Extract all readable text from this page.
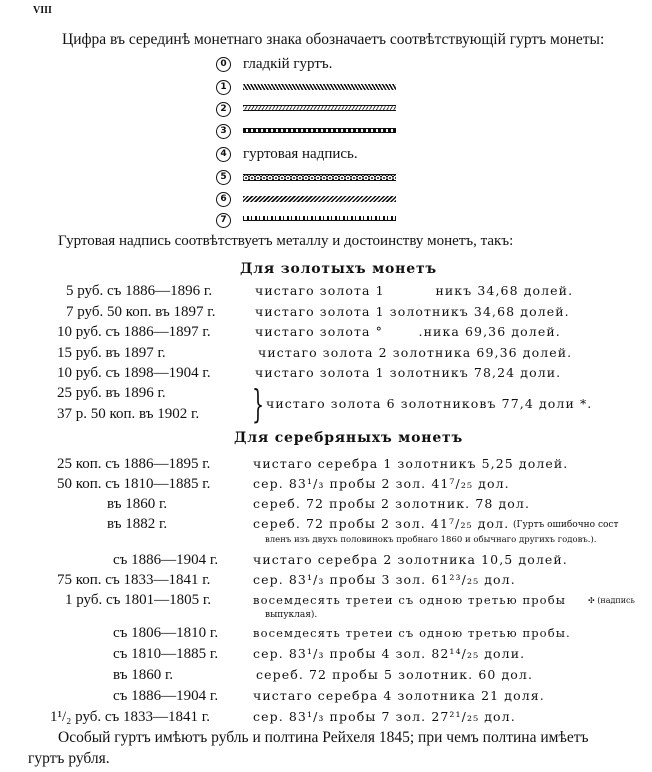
VIII
Цифра въ серединѣ монетнаго знака обозначаетъ соотвѣтствующій гуртъ монеты:
0 гладкій гуртъ.
1
2
3
4 гуртовая надпись.
5
6
7
Гуртовая надпись соотвѣтствуетъ металлу и достоинству монетъ, такъ:
Для золотыхъ монетъ
5 руб. съ 1886—1896 г.	чистаго золота 1          никъ 34,68 долей.
7 руб. 50 коп. въ 1897 г.	чистаго золота 1 золотникъ 34,68 долей.
10 руб. съ 1886—1897 г.	чистаго золота °       .ника 69,36 долей.
15 руб. въ 1897 г.	чистаго золота 2 золотника 69,36 долей.
10 руб. съ 1898—1904 г.	чистаго золота 1 золотникъ 78,24 доли.
25 руб. въ 1896 г.
37 р. 50 коп. въ 1902 г. } чистаго золота 6 золотниковъ 77,4 доли *.
Для серебряныхъ монетъ
25 коп. съ 1886—1895 г.	чистаго серебра 1 золотникъ 5,25 долей.
50 коп. съ 1810—1885 г.	сер. 83¹/₃ пробы 2 зол. 41⁷/₂₅ дол.
въ 1860 г.	сереб. 72 пробы 2 золотник. 78 дол.
въ 1882 г.	сереб. 72 пробы 2 зол. 41⁷/₂₅ дол. (Гуртъ ошибочно сост
вленъ изъ двухъ половинокъ пробнаго 1860 и обычнаго другихъ годовъ.).
съ 1886—1904 г.	чистаго серебра 2 золотника 10,5 долей.
75 коп. съ 1833—1841 г.	сер. 83¹/₃ пробы 3 зол. 61²³/₂₅ дол.
1 руб. съ 1801—1805 г.	восемдесять третеи съ одною третью пробы	✣ (надпись
выпуклая).
съ 1806—1810 г.	восемдесять третеи съ одною третью пробы.
съ 1810—1885 г.	сер. 83¹/₃ пробы 4 зол. 82¹⁴/₂₅ доли.
въ 1860 г.	сереб. 72 пробы 5 золотник. 60 дол.
съ 1886—1904 г.	чистаго серебра 4 золотника 21 доля.
1¹/₂ руб. съ 1833—1841 г.	сер. 83¹/₃ пробы 7 зол. 27²¹/₂₅ дол.
Особый гуртъ имѣютъ рубль и полтина Рейхеля 1845; при чемъ полтина имѣетъ
гуртъ рубля.
